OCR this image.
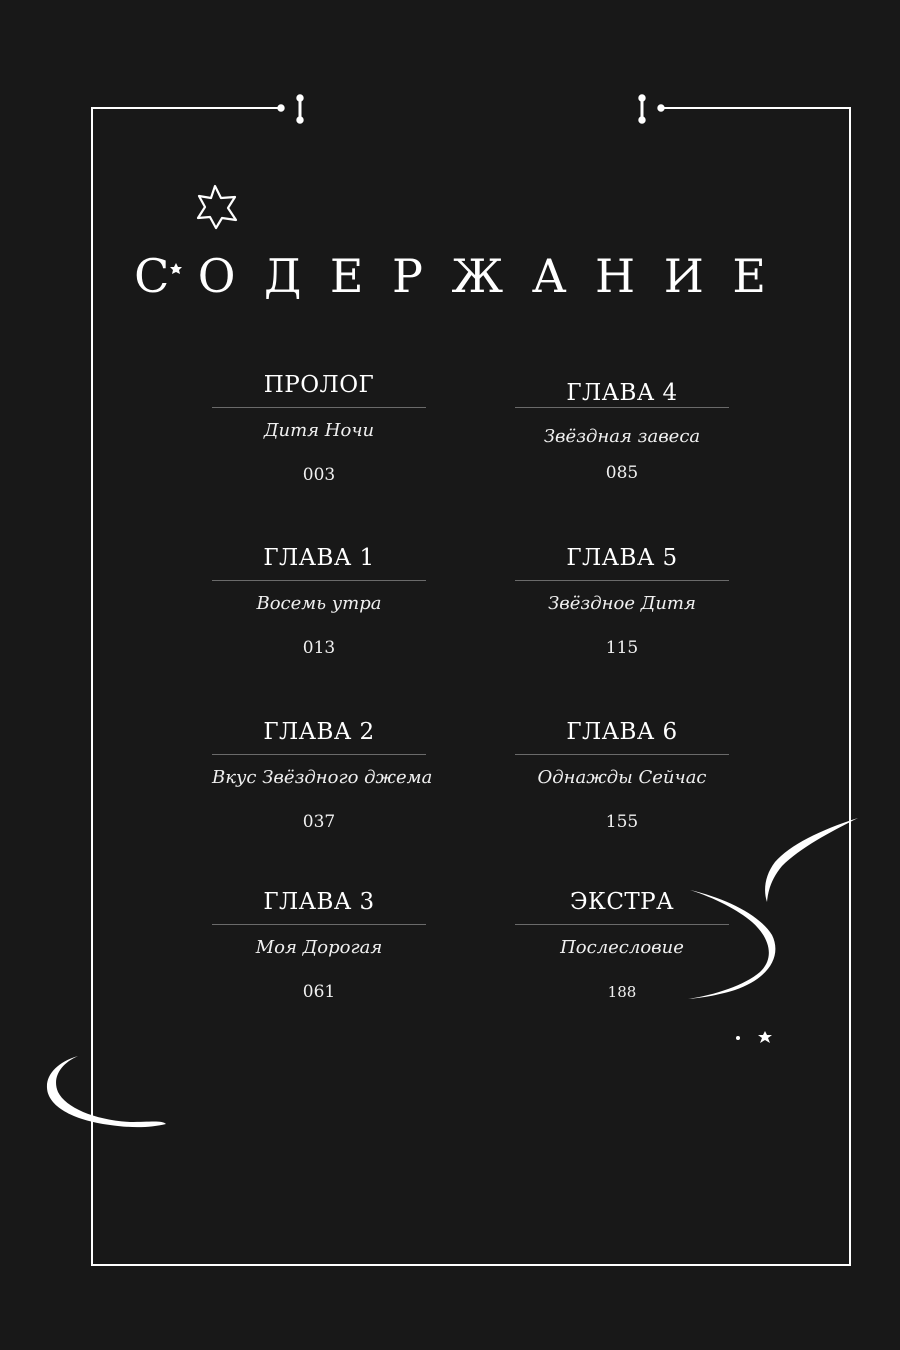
СОДЕРЖАНИЕ
ПРОЛОГ
Дитя Ночи
003
ГЛАВА 1
Восемь утра
013
ГЛАВА 2
Вкус Звёздного джема
037
ГЛАВА 3
Моя Дорогая
061
ГЛАВА 4
Звёздная завеса
085
ГЛАВА 5
Звёздное Дитя
115
ГЛАВА 6
Однажды Сейчас
155
ЭКСТРА
Послесловие
188
